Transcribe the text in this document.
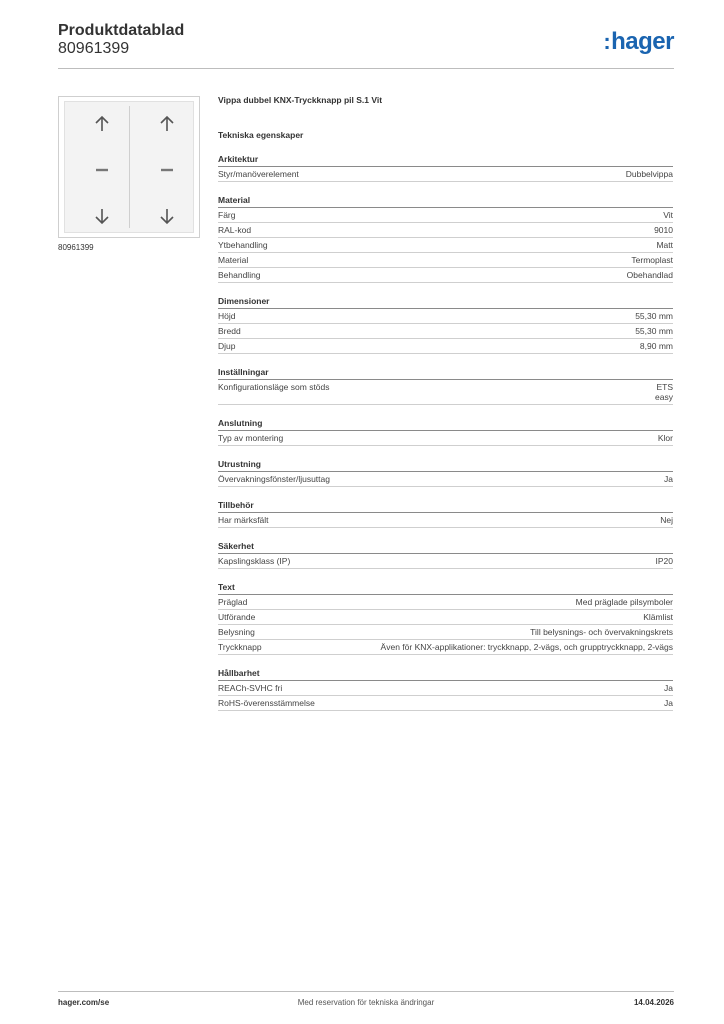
Produktdatablad
80961399	:hager
80961399
Vippa dubbel KNX-Tryckknapp pil S.1 Vit
Tekniska egenskaper
Arkitektur
Styr/manöverelement	Dubbelvippa
Material
Färg	Vit
RAL-kod	9010
Ytbehandling	Matt
Material	Termoplast
Behandling	Obehandlad
Dimensioner
Höjd	55,30 mm
Bredd	55,30 mm
Djup	8,90 mm
Inställningar
Konfigurationsläge som stöds	ETS
easy
Anslutning
Typ av montering	Klor
Utrustning
Övervakningsfönster/ljusuttag	Ja
Tillbehör
Har märksfält	Nej
Säkerhet
Kapslingsklass (IP)	IP20
Text
Präglad	Med präglade pilsymboler
Utförande	Klämlist
Belysning	Till belysnings- och övervakningskrets
Tryckknapp	Även för KNX-applikationer: tryckknapp, 2-vägs, och grupptryckknapp, 2-vägs
Hållbarhet
REACh-SVHC fri	Ja
RoHS-överensstämmelse	Ja
hager.com/se	Med reservation för tekniska ändringar	14.04.2026
